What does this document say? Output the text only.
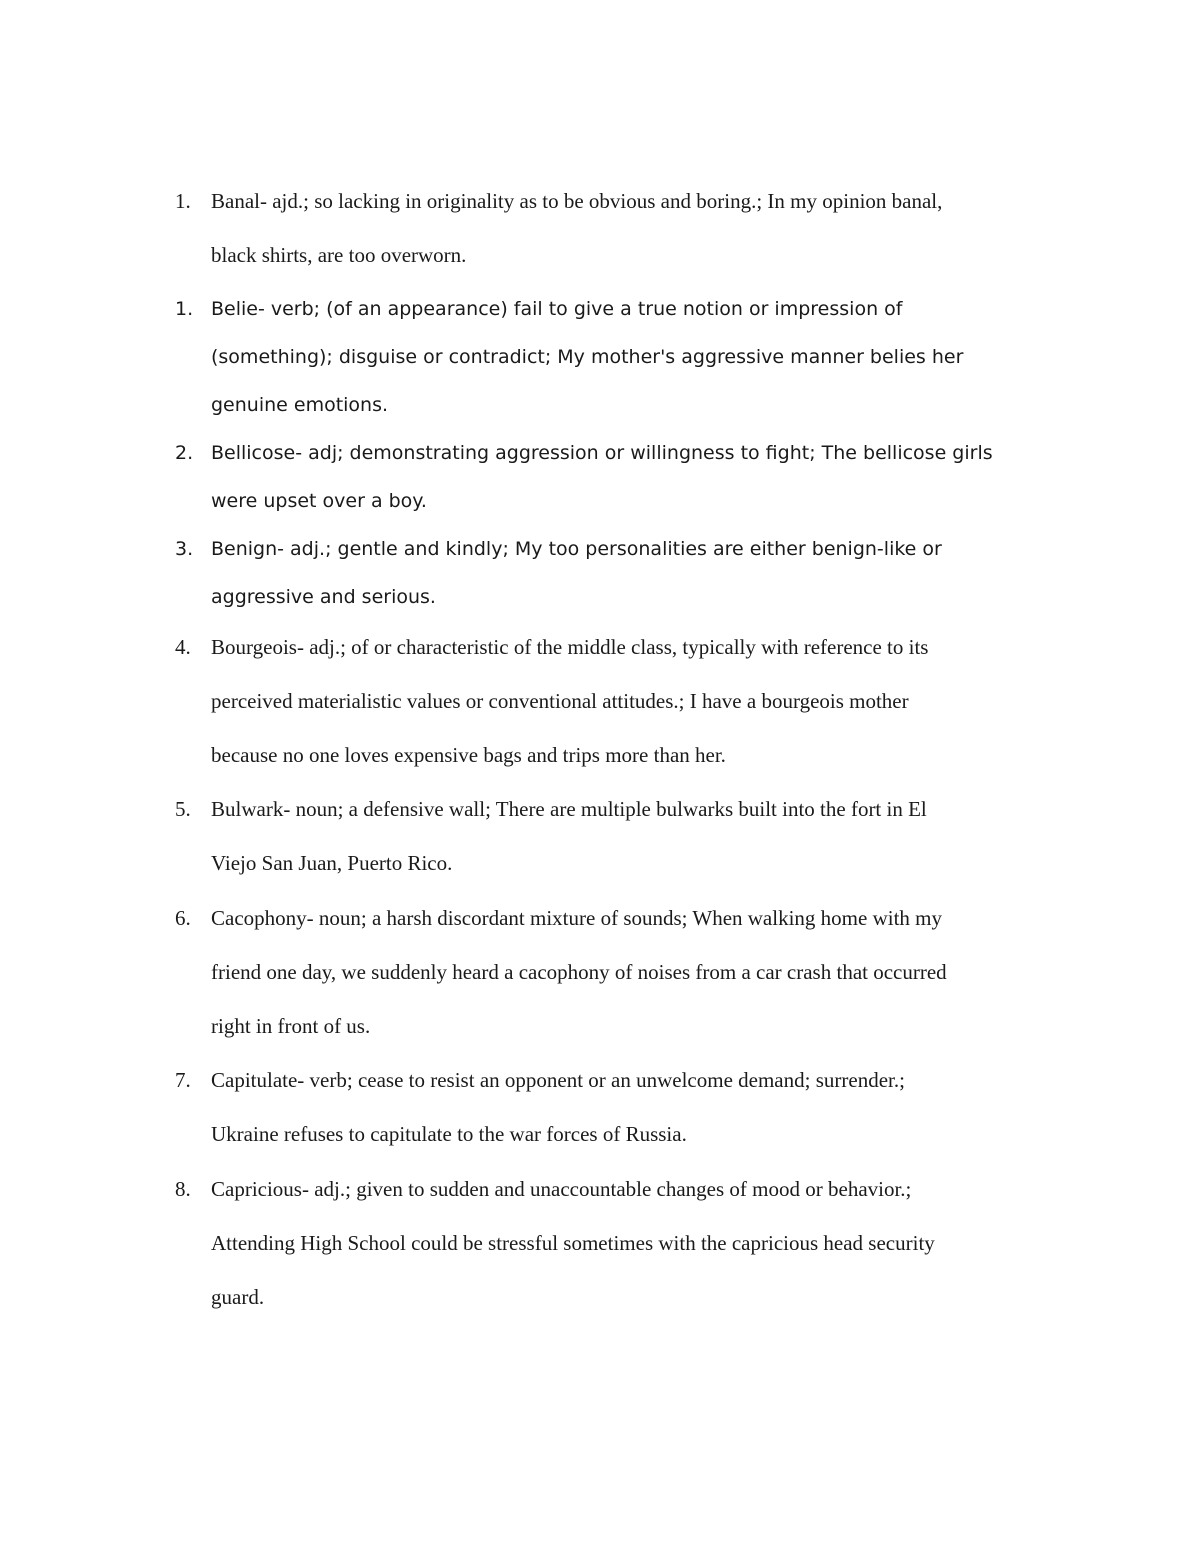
1. Banal- ajd.; so lacking in originality as to be obvious and boring.; In my opinion banal,
black shirts, are too overworn.
1. Belie- verb; (of an appearance) fail to give a true notion or impression of
(something); disguise or contradict; My mother's aggressive manner belies her
genuine emotions.
2. Bellicose- adj; demonstrating aggression or willingness to fight; The bellicose girls
were upset over a boy.
3. Benign- adj.; gentle and kindly; My too personalities are either benign-like or
aggressive and serious.
4. Bourgeois- adj.; of or characteristic of the middle class, typically with reference to its
perceived materialistic values or conventional attitudes.; I have a bourgeois mother
because no one loves expensive bags and trips more than her.
5. Bulwark- noun; a defensive wall; There are multiple bulwarks built into the fort in El
Viejo San Juan, Puerto Rico.
6. Cacophony- noun; a harsh discordant mixture of sounds; When walking home with my
friend one day, we suddenly heard a cacophony of noises from a car crash that occurred
right in front of us.
7. Capitulate- verb; cease to resist an opponent or an unwelcome demand; surrender.;
Ukraine refuses to capitulate to the war forces of Russia.
8. Capricious- adj.; given to sudden and unaccountable changes of mood or behavior.;
Attending High School could be stressful sometimes with the capricious head security
guard.
